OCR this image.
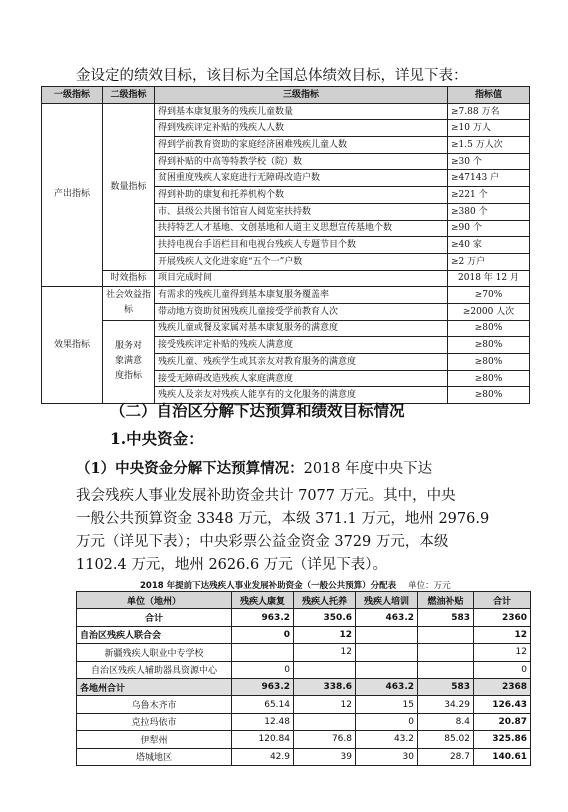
金设定的绩效目标，该目标为全国总体绩效目标，详见下表：
一级指标	二级指标	三级指标	指标值
产出指标	数量指标	得到基本康复服务的残疾儿童数量	≥7.88 万名
		得到残疾评定补贴的残疾人人数	≥10 万人
		得到学前教育资助的家庭经济困难残疾儿童人数	≥1.5 万人次
		得到补贴的中高等特教学校（院）数	≥30 个
		贫困重度残疾人家庭进行无障碍改造户数	≥47143 户
		得到补助的康复和托养机构个数	≥221 个
		市、县级公共图书馆盲人阅览室扶持数	≥380 个
		扶持特艺人才基地、文创基地和人道主义思想宣传基地个数	≥90 个
		扶持电视台手语栏目和电视台残疾人专题节目个数	≥40 家
		开展残疾人文化进家庭“五个一”户数	≥2 万户
	时效指标	项目完成时间	2018 年 12 月
效果指标	社会效益指标	有需求的残疾儿童得到基本康复服务覆盖率	≥70%
		带动地方资助贫困残疾儿童接受学前教育人次	≥2000 人次
	服务对象满意度指标	残疾儿童或餐及家属对基本康复服务的满意度	≥80%
		接受残疾评定补贴的残疾人满意度	≥80%
		残疾儿童、残疾学生或其亲友对教育服务的满意度	≥80%
		接受无障碍改造残疾人家庭满意度	≥80%
		残疾人及亲友对残疾人能享有的文化服务的满意度	≥80%
（二）自治区分解下达预算和绩效目标情况
1.中央资金：
（1）中央资金分解下达预算情况：2018 年度中央下达
我会残疾人事业发展补助资金共计 7077 万元。其中，中央
一般公共预算资金 3348 万元，本级 371.1 万元，地州 2976.9
万元（详见下表）；中央彩票公益金资金 3729 万元，本级
2018 年提前下达残疾人事业发展补助资金（一般公共预算）分配表 单位：万元
单位（地州）	残疾人康复	残疾人托养	残疾人培训	燃油补贴	合计
合计	963.2	350.6	463.2	583	2360
自治区残疾人联合会	0	12			12
新疆残疾人职业中专学校		12			12
自治区残疾人辅助器具资源中心	0				0
各地州合计	963.2	338.6	463.2	583	2368
乌鲁木齐市	65.14	12	15	34.29	126.43
克拉玛依市	12.48		0	8.4	20.87
伊犁州	120.84	76.8	43.2	85.02	325.86
塔城地区	42.9	39	30	28.7	140.61
1102.4 万元，地州 2626.6 万元（详见下表）。
